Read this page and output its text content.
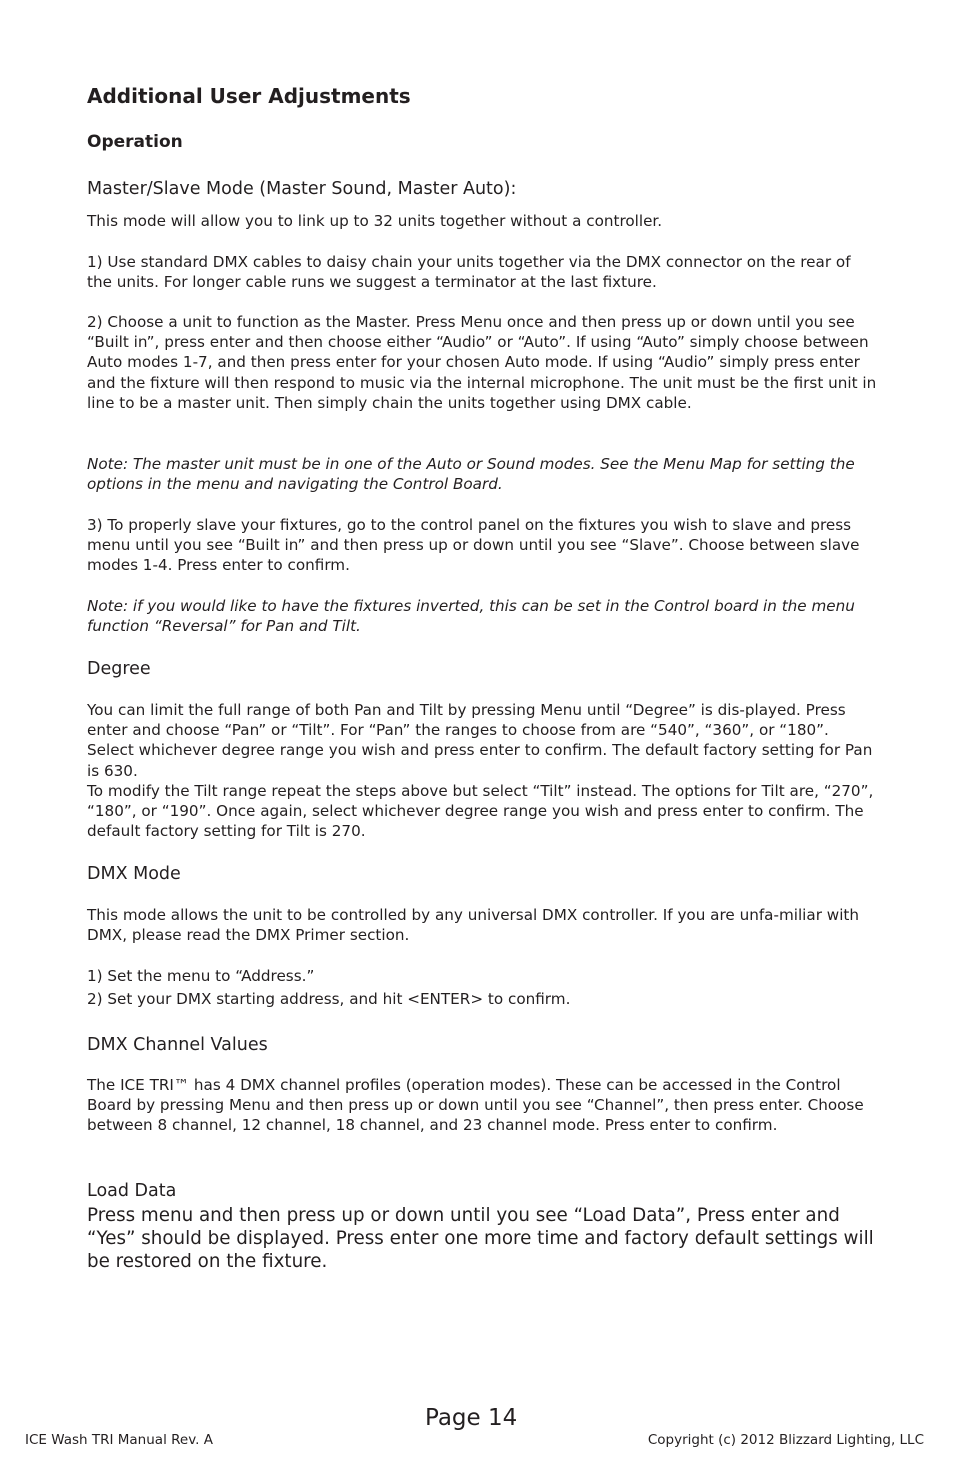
Additional User Adjustments
Operation
Master/Slave Mode (Master Sound, Master Auto):

This mode will allow you to link up to 32 units together without a controller.

1) Use standard DMX cables to daisy chain your units together via the DMX connector on the rear of the units. For longer cable runs we suggest a terminator at the last fixture.

2) Choose a unit to function as the Master. Press Menu once and then press up or down until you see “Built in”, press enter and then choose either “Audio” or “Auto”. If using “Auto” simply choose between Auto modes 1-7, and then press enter for your chosen Auto mode. If using “Audio” simply press enter and the fixture will then respond to music via the internal microphone. The unit must be the first unit in line to be a master unit. Then simply chain the units together using DMX cable.

Note: The master unit must be in one of the Auto or Sound modes. See the Menu Map for setting the options in the menu and navigating the Control Board.

3) To properly slave your fixtures, go to the control panel on the fixtures you wish to slave and press menu until you see “Built in” and then press up or down until you see “Slave”. Choose between slave modes 1-4. Press enter to confirm.

Note: if you would like to have the fixtures inverted, this can be set in the Control board in the menu function “Reversal” for Pan and Tilt.

Degree

You can limit the full range of both Pan and Tilt by pressing Menu until “Degree” is dis-played. Press enter and choose “Pan” or “Tilt”. For “Pan” the ranges to choose from are “540”, “360”, or “180”. Select whichever degree range you wish and press enter to confirm. The default factory setting for Pan is 630.

To modify the Tilt range repeat the steps above but select “Tilt” instead. The options for Tilt are, “270”, “180”, or “190”. Once again, select whichever degree range you wish and press enter to confirm. The default factory setting for Tilt is 270.

DMX Mode

This mode allows the unit to be controlled by any universal DMX controller. If you are unfa-miliar with DMX, please read the DMX Primer section.

1) Set the menu to “Address.”

2) Set your DMX starting address, and hit <ENTER> to confirm.

DMX Channel Values

The ICE TRI™ has 4 DMX channel profiles (operation modes). These can be accessed in the Control Board by pressing Menu and then press up or down until you see “Channel”, then press enter. Choose between 8 channel, 12 channel, 18 channel, and 23 channel mode. Press enter to confirm.

Load Data

Press menu and then press up or down until you see “Load Data”, Press enter and “Yes” should be displayed. Press enter one more time and factory default settings will be restored on the fixture.

Page 14
ICE Wash TRI Manual Rev. A	Copyright (c) 2012 Blizzard Lighting, LLC
